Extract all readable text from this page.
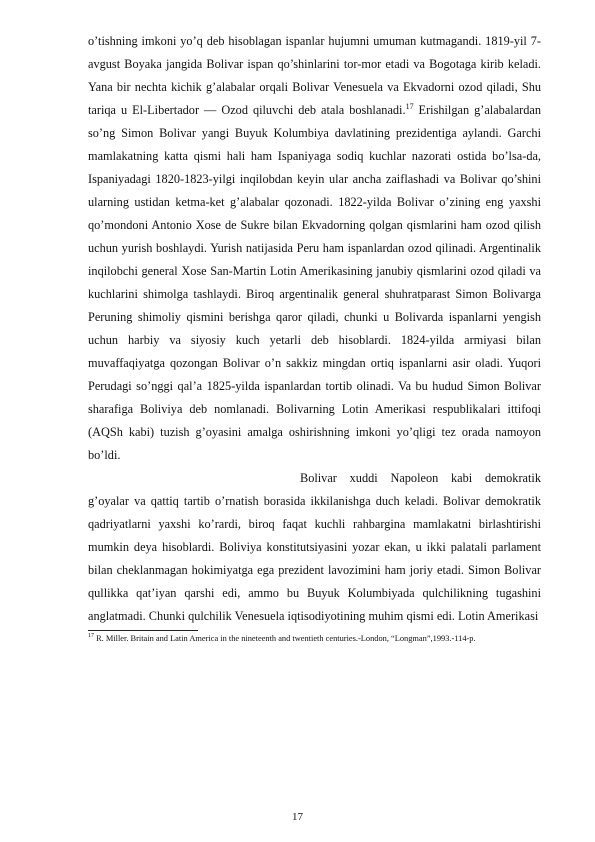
o’tishning imkoni yo’q deb hisoblagan ispanlar hujumni umuman kutmagandi. 1819-yil 7-avgust Boyaka jangida Bolivar ispan qo’shinlarini tor-mor etadi va Bogotaga kirib keladi. Yana bir nechta kichik g’alabalar orqali Bolivar Venesuela va Ekvadorni ozod qiladi, Shu tariqa u El-Libertador — Ozod qiluvchi deb atala boshlanadi.$^{17}$ Erishilgan g’alabalardan so’ng Simon Bolivar yangi Buyuk Kolumbiya davlatining prezidentiga aylandi. Garchi mamlakatning katta qismi hali ham Ispaniyaga sodiq kuchlar nazorati ostida bo’lsa-da, Ispaniyadagi 1820-1823-yilgi inqilobdan keyin ular ancha zaiflashadi va Bolivar qo’shini ularning ustidan ketma-ket g’alabalar qozonadi. 1822-yilda Bolivar o’zining eng yaxshi qo’mondoni Antonio Xose de Sukre bilan Ekvadorning qolgan qismlarini ham ozod qilish uchun yurish boshlaydi. Yurish natijasida Peru ham ispanlardan ozod qilinadi. Argentinalik inqilobchi general Xose San-Martin Lotin Amerikasining janubiy qismlarini ozod qiladi va kuchlarini shimolga tashlaydi. Biroq argentinalik general shuhratparast Simon Bolivarga Peruning shimoliy qismini berishga qaror qiladi, chunki u Bolivarda ispanlarni yengish uchun harbiy va siyosiy kuch yetarli deb hisoblardi. 1824-yilda armiyasi bilan muvaffaqiyatga qozongan Bolivar o’n sakkiz mingdan ortiq ispanlarni asir oladi. Yuqori Perudagi so’nggi qal’a 1825-yilda ispanlardan tortib olinadi. Va bu hudud Simon Bolivar sharafiga Boliviya deb nomlanadi. Bolivarning Lotin Amerikasi respublikalari ittifoqi (AQSh kabi) tuzish g’oyasini amalga oshirishning imkoni yo’qligi tez orada namoyon bo’ldi.

Bolivar xuddi Napoleon kabi demokratik g’oyalar va qattiq tartib o’rnatish borasida ikkilanishga duch keladi. Bolivar demokratik qadriyatlarni yaxshi ko’rardi, biroq faqat kuchli rahbargina mamlakatni birlashtirishi mumkin deya hisoblardi. Boliviya konstitutsiyasini yozar ekan, u ikki palatali parlament bilan cheklanmagan hokimiyatga ega prezident lavozimini ham joriy etadi. Simon Bolivar qullikka qat’iyan qarshi edi, ammo bu Buyuk Kolumbiyada qulchilikning tugashini anglatmadi. Chunki qulchilik Venesuela iqtisodiyotining muhim qismi edi. Lotin Amerikasi

$^{17}$ R. Miller. Britain and Latin America in the nineteenth and twentieth centuries.-London, “Longman”,1993.-114-p.

17
